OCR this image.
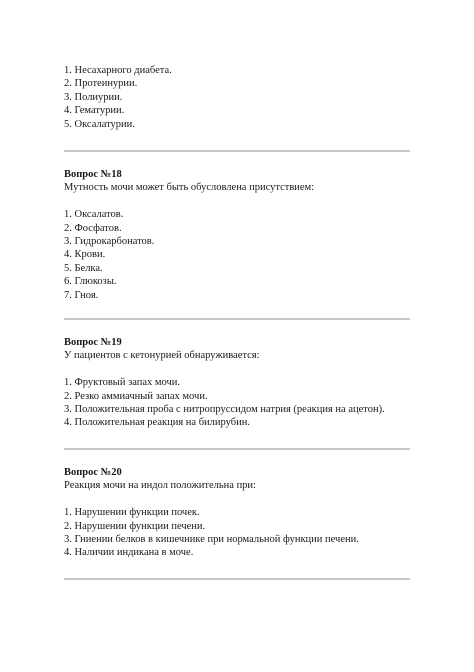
1. Несахарного диабета.
2. Протеинурии.
3. Полиурии.
4. Гематурии.
5. Оксалатурии.
Вопрос №18
Мутность мочи может быть обусловлена присутствием:
1. Оксалатов.
2. Фосфатов.
3. Гидрокарбонатов.
4. Крови.
5. Белка.
6. Глюкозы.
7. Гноя.
Вопрос №19
У пациентов с кетонурией обнаруживается:
1. Фруктовый запах мочи.
2. Резко аммиачный запах мочи.
3. Положительная проба с нитропруссидом натрия (реакция на ацетон).
4. Положительная реакция на билирубин.
Вопрос №20
Реакция мочи на индол положительна при:
1. Нарушении функции почек.
2. Нарушении функции печени.
3. Гниении белков в кишечнике при нормальной функции печени.
4. Наличии индикана в моче.
